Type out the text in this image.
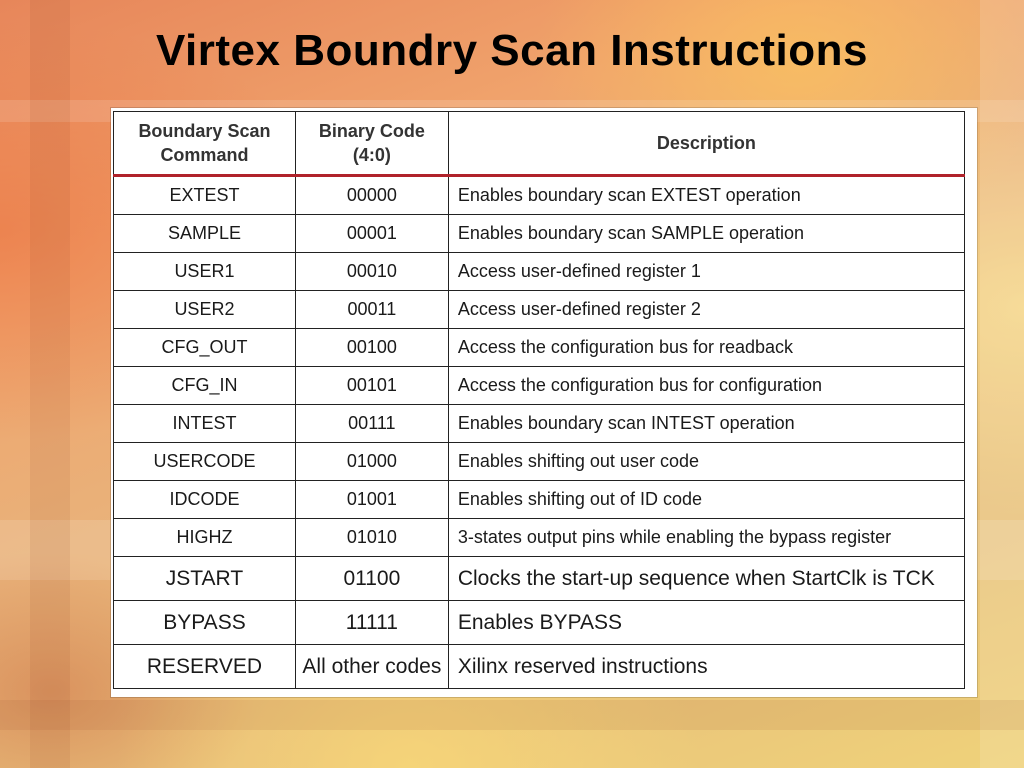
Virtex Boundry Scan Instructions
Boundary Scan Command	Binary Code (4:0)	Description
EXTEST	00000	Enables boundary scan EXTEST operation
SAMPLE	00001	Enables boundary scan SAMPLE operation
USER1	00010	Access user-defined register 1
USER2	00011	Access user-defined register 2
CFG_OUT	00100	Access the configuration bus for readback
CFG_IN	00101	Access the configuration bus for configuration
INTEST	00111	Enables boundary scan INTEST operation
USERCODE	01000	Enables shifting out user code
IDCODE	01001	Enables shifting out of ID code
HIGHZ	01010	3-states output pins while enabling the bypass register
JSTART	01100	Clocks the start-up sequence when StartClk is TCK
BYPASS	11111	Enables BYPASS
RESERVED	All other codes	Xilinx reserved instructions
